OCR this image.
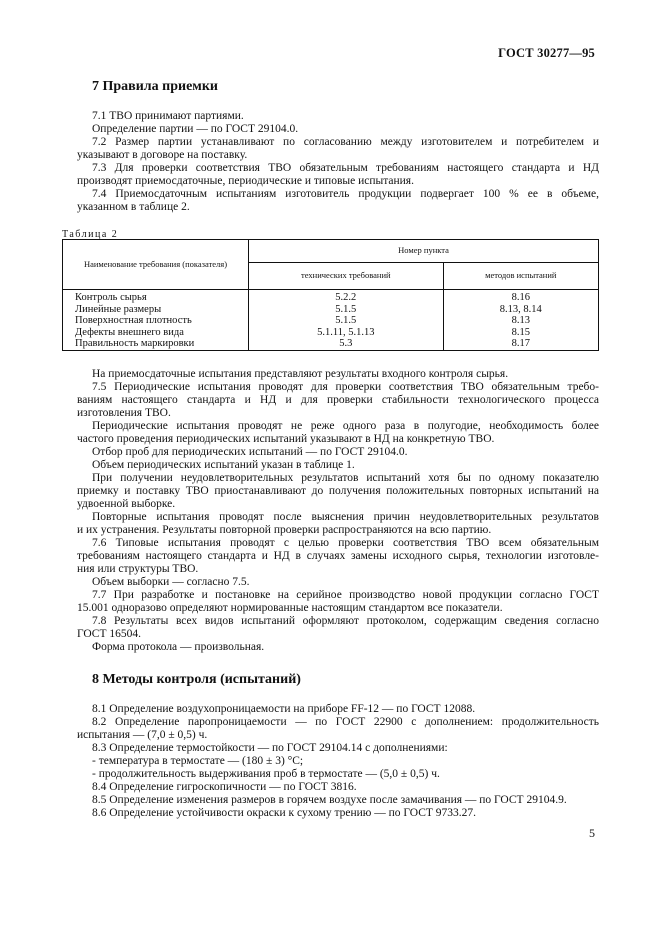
ГОСТ 30277—95
7 Правила приемки
7.1 ТВО принимают партиями.
Определение партии — по ГОСТ 29104.0.
7.2 Размер партии устанавливают по согласованию между изготовителем и потребителем и
указывают в договоре на поставку.
7.3 Для проверки соответствия ТВО обязательным требованиям настоящего стандарта и НД
производят приемосдаточные, периодические и типовые испытания.
7.4 Приемосдаточным испытаниям изготовитель продукции подвергает 100 % ее в объеме,
указанном в таблице 2.
Таблица 2
Наименование требования (показателя)	Номер пункта	
	технических требований	методов испытаний
Контроль сырья	5.2.2	8.16
Линейные размеры	5.1.5	8.13, 8.14
Поверхностная плотность	5.1.5	8.13
Дефекты внешнего вида	5.1.11, 5.1.13	8.15
Правильность маркировки	5.3	8.17
На приемосдаточные испытания представляют результаты входного контроля сырья.
7.5 Периодические испытания проводят для проверки соответствия ТВО обязательным требо-
ваниям настоящего стандарта и НД и для проверки стабильности технологического процесса
изготовления ТВО.
Периодические испытания проводят не реже одного раза в полугодие, необходимость более
частого проведения периодических испытаний указывают в НД на конкретную ТВО.
Отбор проб для периодических испытаний — по ГОСТ 29104.0.
Объем периодических испытаний указан в таблице 1.
При получении неудовлетворительных результатов испытаний хотя бы по одному показателю
приемку и поставку ТВО приостанавливают до получения положительных повторных испытаний на
удвоенной выборке.
Повторные испытания проводят после выяснения причин неудовлетворительных результатов
и их устранения. Результаты повторной проверки распространяются на всю партию.
7.6 Типовые испытания проводят с целью проверки соответствия ТВО всем обязательным
требованиям настоящего стандарта и НД в случаях замены исходного сырья, технологии изготовле-
ния или структуры ТВО.
Объем выборки — согласно 7.5.
7.7 При разработке и постановке на серийное производство новой продукции согласно ГОСТ
15.001 одноразово определяют нормированные настоящим стандартом все показатели.
7.8 Результаты всех видов испытаний оформляют протоколом, содержащим сведения согласно
ГОСТ 16504.
Форма протокола — произвольная.
8 Методы контроля (испытаний)
8.1 Определение воздухопроницаемости на приборе FF-12 — по ГОСТ 12088.
8.2 Определение паропроницаемости — по ГОСТ 22900 с дополнением: продолжительность
испытания — (7,0 ± 0,5) ч.
8.3 Определение термостойкости — по ГОСТ 29104.14 с дополнениями:
- температура в термостате — (180 ± 3) °С;
- продолжительность выдерживания проб в термостате — (5,0 ± 0,5) ч.
8.4 Определение гигроскопичности — по ГОСТ 3816.
8.5 Определение изменения размеров в горячем воздухе после замачивания — по ГОСТ 29104.9.
8.6 Определение устойчивости окраски к сухому трению — по ГОСТ 9733.27.
5
